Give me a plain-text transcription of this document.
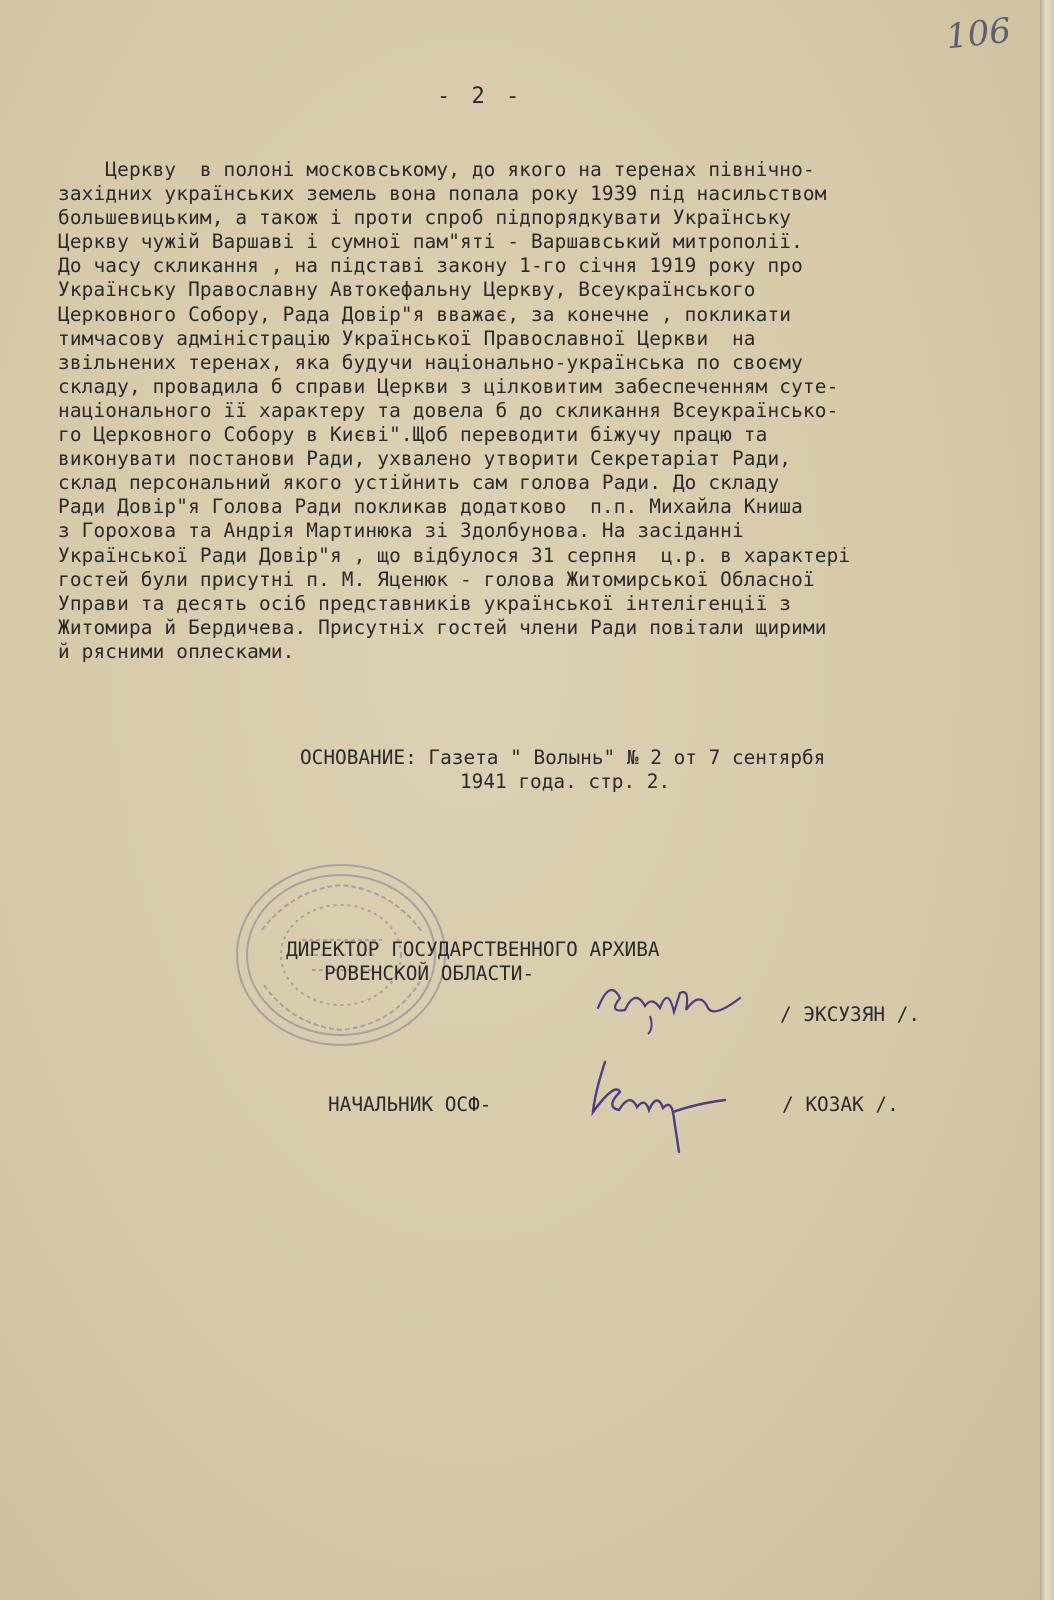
106
- 2 -

Церкву  в полоні московському, до якого на теренах північно-
західних українських земель вона попала року 1939 під насильством
большевицьким, а також і проти спроб підпорядкувати Українську
Церкву чужій Варшаві і сумної пам"яті - Варшавський митрополії.
До часу скликання , на підставі закону 1-го січня 1919 року про
Українську Православну Автокефальну Церкву, Всеукраїнського
Церковного Собору, Рада Довір"я вважає, за конечне , покликати
тимчасову адміністрацію Української Православної Церкви  на
звільнених теренах, яка будучи національно-українська по своєму
складу, провадила б справи Церкви з цілковитим забеспеченням суте-
національного її характеру та довела б до скликання Всеукраїнсько-
го Церковного Собору в Києві".Щоб переводити біжучу працю та
виконувати постанови Ради, ухвалено утворити Секретаріат Ради,
склад персональний якого устійнить сам голова Ради. До складу
Ради Довір"я Голова Ради покликав додатково  п.п. Михайла Книша
з Горохова та Андрія Мартинюка зі Здолбунова. На засіданні
Української Ради Довір"я , що відбулося 31 серпня  ц.р. в характері
гостей були присутні п. М. Яценюк - голова Житомирської Обласної
Управи та десять осіб представників української інтелігенції з
Житомира й Бердичева. Присутніх гостей члени Ради повітали щирими
й рясними оплесками.

ОСНОВАНИЕ: Газета " Волынь" № 2 от 7 сентярбя
1941 года. стр. 2.

ДИРЕКТОР ГОСУДАРСТВЕННОГО АРХИВА
РОВЕНСКОЙ ОБЛАСТИ-

/ ЭКСУЗЯН /.
НАЧАЛЬНИК ОСФ-	/ КОЗАК /.
